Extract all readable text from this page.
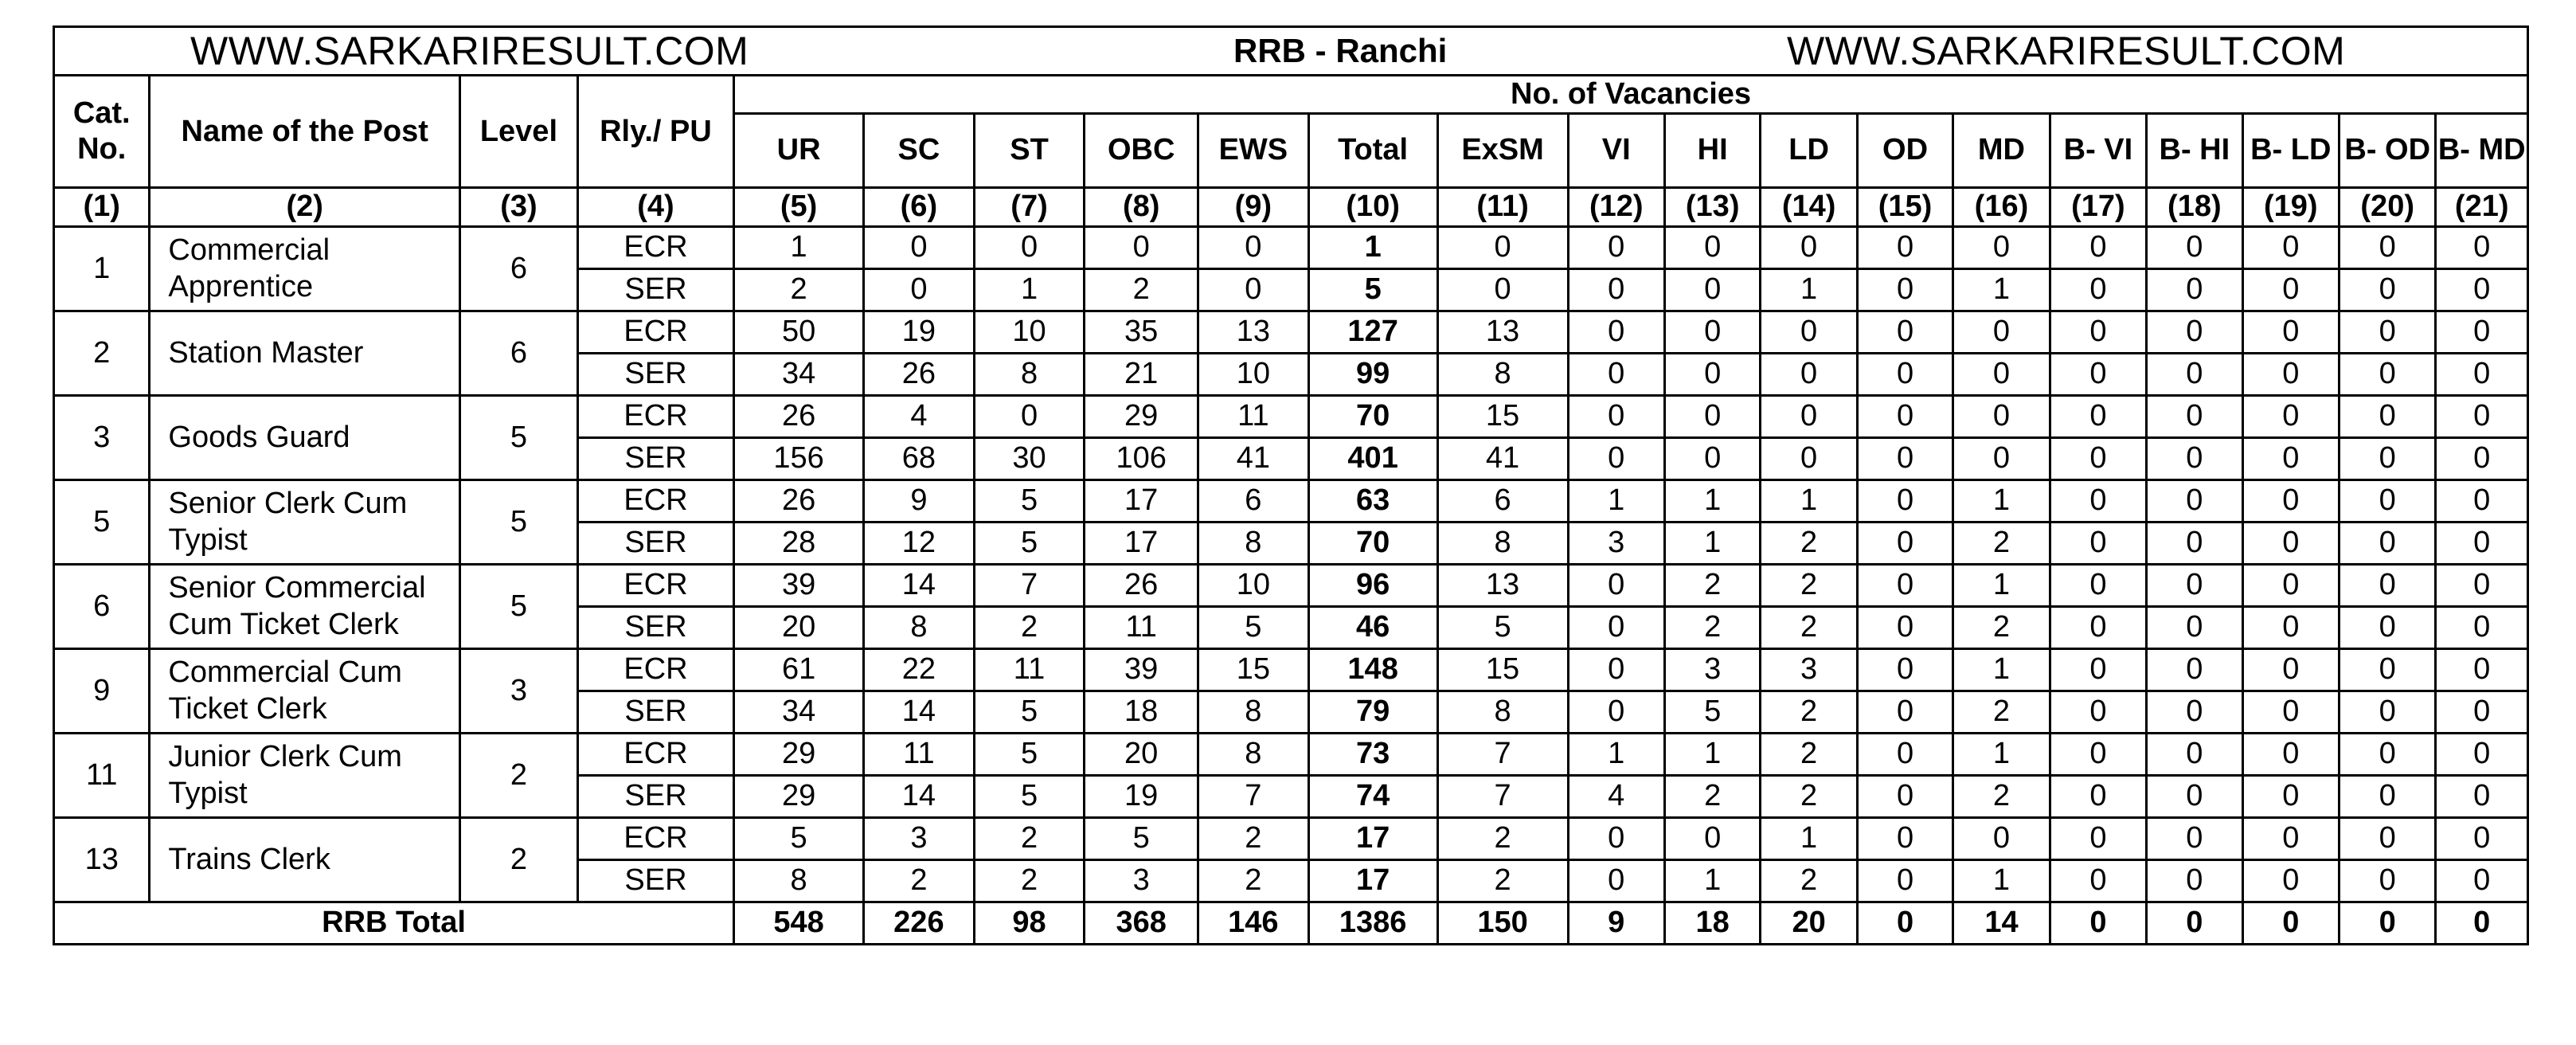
WWW.SARKARIRESULT.COM RRB - Ranchi WWW.SARKARIRESULT.COM																				

Cat. No.	Name of the Post	Level	Rly./ PU	No. of Vacancies																
				UR	SC	ST	OBC	EWS	Total	ExSM	VI	HI	LD	OD	MD	B- VI	B- HI	B- LD	B- OD	B- MD
(1)	(2)	(3)	(4)	(5)	(6)	(7)	(8)	(9)	(10)	(11)	(12)	(13)	(14)	(15)	(16)	(17)	(18)	(19)	(20)	(21)
1	Commercial Apprentice	6	ECR	1	0	0	0	0	1	0	0	0	0	0	0	0	0	0	0	0
			SER	2	0	1	2	0	5	0	0	0	1	0	1	0	0	0	0	0
2	Station Master	6	ECR	50	19	10	35	13	127	13	0	0	0	0	0	0	0	0	0	0
			SER	34	26	8	21	10	99	8	0	0	0	0	0	0	0	0	0	0
3	Goods Guard	5	ECR	26	4	0	29	11	70	15	0	0	0	0	0	0	0	0	0	0
			SER	156	68	30	106	41	401	41	0	0	0	0	0	0	0	0	0	0
5	Senior Clerk Cum Typist	5	ECR	26	9	5	17	6	63	6	1	1	1	0	1	0	0	0	0	0
			SER	28	12	5	17	8	70	8	3	1	2	0	2	0	0	0	0	0
6	Senior Commercial Cum Ticket Clerk	5	ECR	39	14	7	26	10	96	13	0	2	2	0	1	0	0	0	0	0
			SER	20	8	2	11	5	46	5	0	2	2	0	2	0	0	0	0	0
9	Commercial Cum Ticket Clerk	3	ECR	61	22	11	39	15	148	15	0	3	3	0	1	0	0	0	0	0
			SER	34	14	5	18	8	79	8	0	5	2	0	2	0	0	0	0	0
11	Junior Clerk Cum Typist	2	ECR	29	11	5	20	8	73	7	1	1	2	0	1	0	0	0	0	0
			SER	29	14	5	19	7	74	7	4	2	2	0	2	0	0	0	0	0
13	Trains Clerk	2	ECR	5	3	2	5	2	17	2	0	0	1	0	0	0	0	0	0	0
			SER	8	2	2	3	2	17	2	0	1	2	0	1	0	0	0	0	0
RRB Total				548	226	98	368	146	1386	150	9	18	20	0	14	0	0	0	0	0
